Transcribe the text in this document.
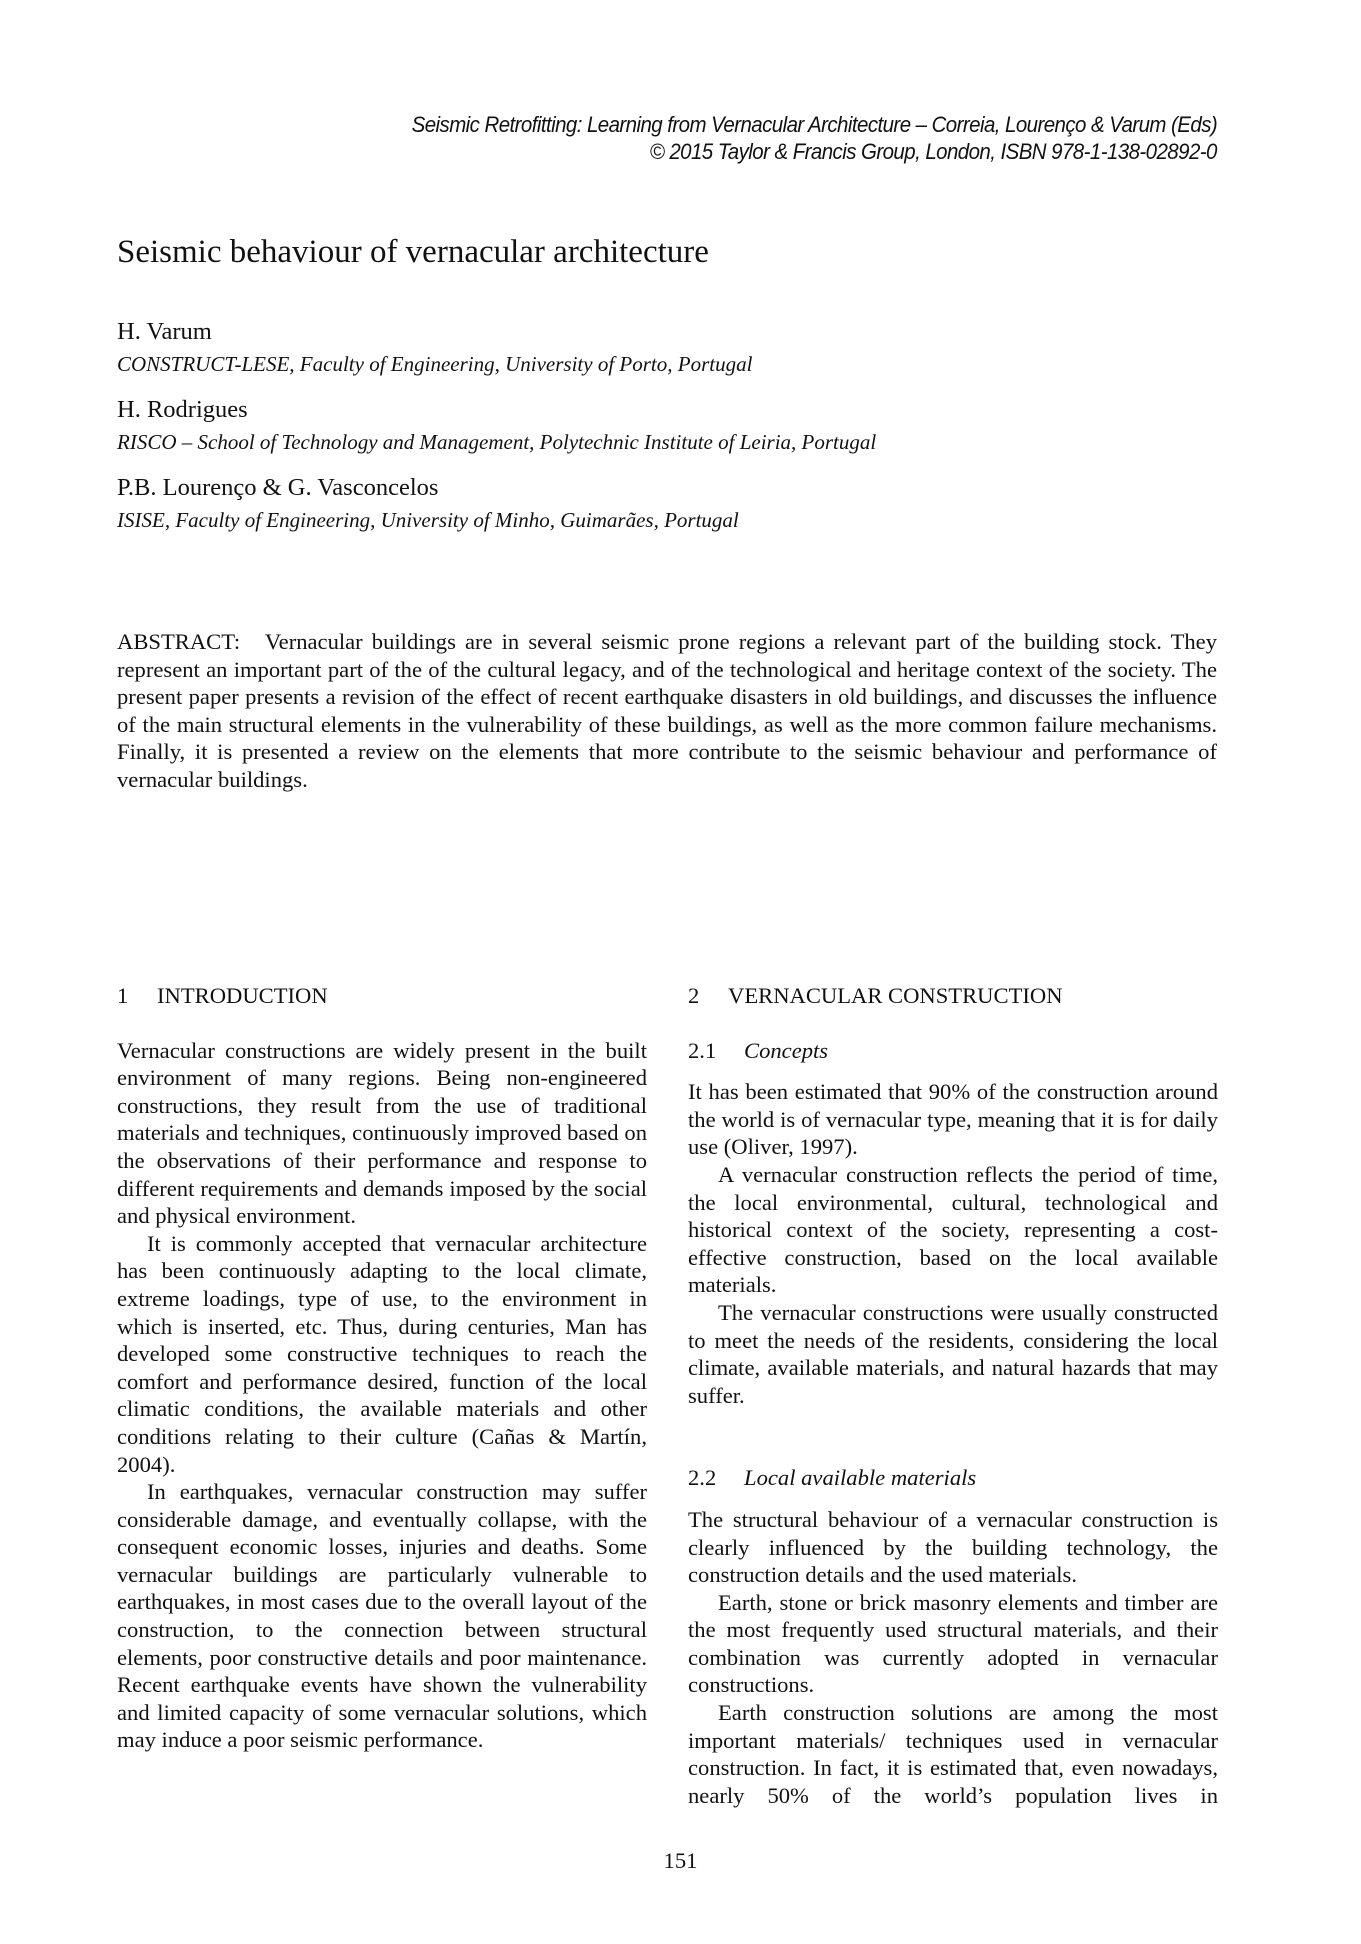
Seismic Retrofitting: Learning from Vernacular Architecture – Correia, Lourenço & Varum (Eds)
© 2015 Taylor & Francis Group, London, ISBN 978-1-138-02892-0
Seismic behaviour of vernacular architecture
H. Varum
CONSTRUCT-LESE, Faculty of Engineering, University of Porto, Portugal
H. Rodrigues
RISCO – School of Technology and Management, Polytechnic Institute of Leiria, Portugal
P.B. Lourenço & G. Vasconcelos
ISISE, Faculty of Engineering, University of Minho, Guimarães, Portugal
ABSTRACT: Vernacular buildings are in several seismic prone regions a relevant part of the building stock. They represent an important part of the of the cultural legacy, and of the technological and heritage context of the society. The present paper presents a revision of the effect of recent earthquake disasters in old buildings, and discusses the influence of the main structural elements in the vulnerability of these buildings, as well as the more common failure mechanisms. Finally, it is presented a review on the elements that more contribute to the seismic behaviour and performance of vernacular buildings.
1 INTRODUCTION

Vernacular constructions are widely present in the built environment of many regions. Being non-engineered constructions, they result from the use of traditional materials and techniques, continuously improved based on the observations of their performance and response to different requirements and demands imposed by the social and physical environment.

It is commonly accepted that vernacular architecture has been continuously adapting to the local climate, extreme loadings, type of use, to the environment in which is inserted, etc. Thus, during centuries, Man has developed some constructive techniques to reach the comfort and performance desired, function of the local climatic conditions, the available materials and other conditions relating to their culture (Cañas & Martín, 2004).

In earthquakes, vernacular construction may suffer considerable damage, and eventually collapse, with the consequent economic losses, injuries and deaths. Some vernacular buildings are particularly vulnerable to earthquakes, in most cases due to the overall layout of the construction, to the connection between structural elements, poor constructive details and poor maintenance. Recent earthquake events have shown the vulnerability and limited capacity of some vernacular solutions, which may induce a poor seismic performance.

2 VERNACULAR CONSTRUCTION
2.1 Concepts

It has been estimated that 90% of the construction around the world is of vernacular type, meaning that it is for daily use (Oliver, 1997).

A vernacular construction reflects the period of time, the local environmental, cultural, technological and historical context of the society, representing a cost-effective construction, based on the local available materials.

The vernacular constructions were usually constructed to meet the needs of the residents, considering the local climate, available materials, and natural hazards that may suffer.

2.2 Local available materials

The structural behaviour of a vernacular construction is clearly influenced by the building technology, the construction details and the used materials.

Earth, stone or brick masonry elements and timber are the most frequently used structural materials, and their combination was currently adopted in vernacular constructions.

Earth construction solutions are among the most important materials/ techniques used in vernacular construction. In fact, it is estimated that, even nowadays, nearly 50% of the world’s population lives in

151
